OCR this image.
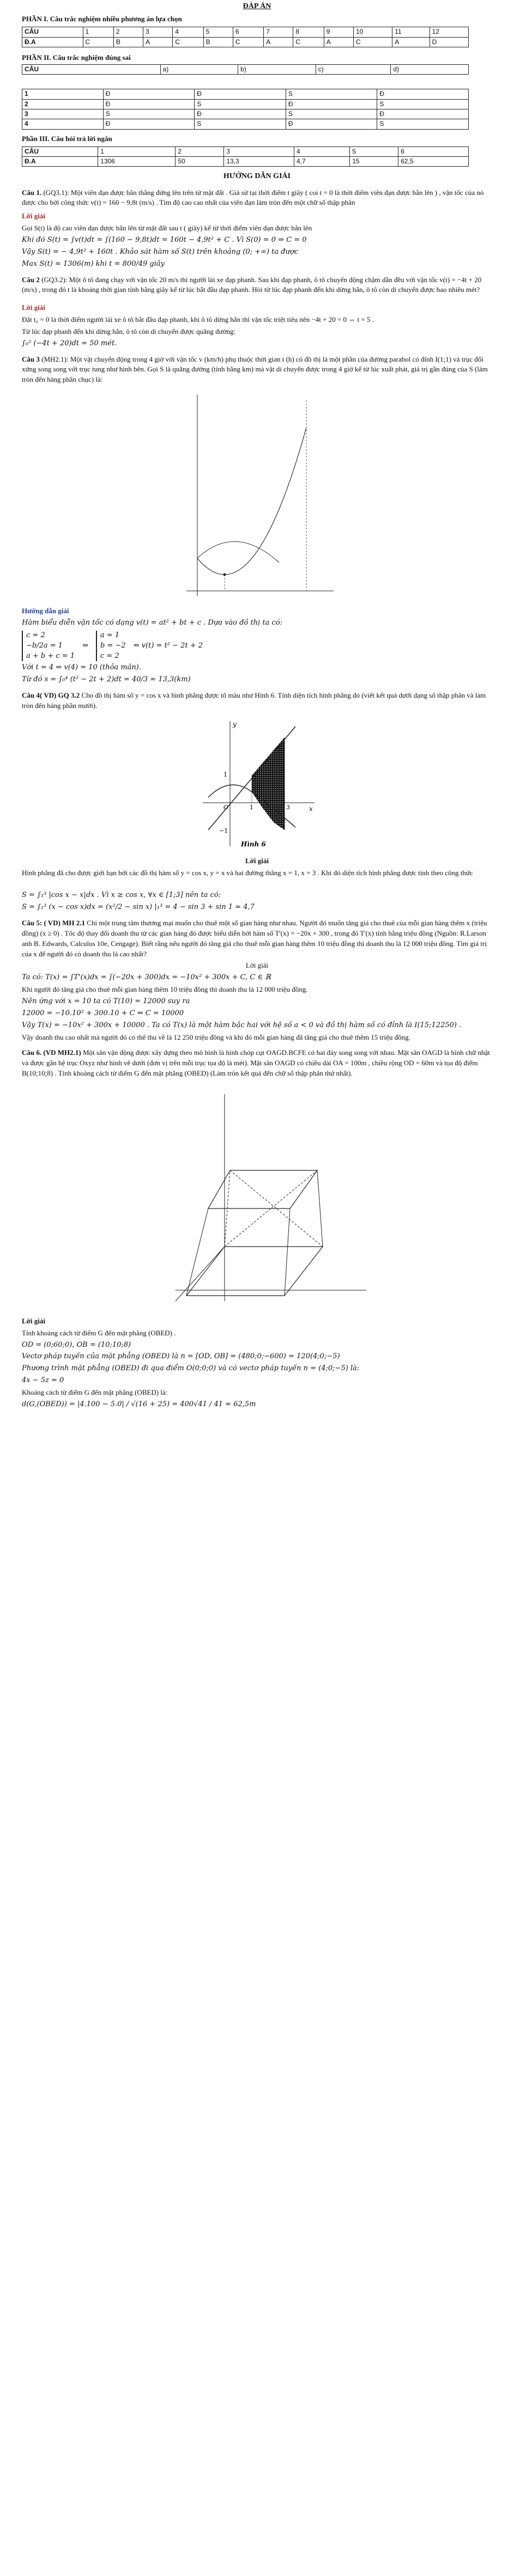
ĐÁP ÁN
PHẦN I. Câu trắc nghiệm nhiều phương án lựa chọn
CÂU	1	2	3	4	5	6	7	8	9	10	11	12
Đ.A	C	B	A	C	B	C	A	C	A	C	A	D
PHẦN II. Câu trắc nghiệm đúng sai
CÂU	a)	b)	c)	d)
1	Đ	Đ	S	Đ
2	Đ	S	Đ	S
3	S	Đ	S	Đ
4	Đ	S	Đ	S
Phần III. Câu hỏi trả lời ngắn
CÂU	1	2	3	4	5	6
Đ.A	1306	50	13,3	4,7	15	62,5
HƯỚNG DẪN GIẢI

Câu 1. (GQ3.1): Một viên đạn được bắn thẳng đứng lên trên từ mặt đất . Giả sử tại thời điểm t giây ( coi t = 0 là thời điểm viên đạn được bắn lên ) , vận tốc của nó được cho bởi công thức v(t) = 160 − 9,8t (m/s) . Tìm độ cao cao nhất của viên đạn làm tròn đến một chữ số thập phân

Lời giải

Gọi S(t) là độ cao viên đạn được bắn lên từ mặt đất sau t ( giây) kể từ thời điểm viên đạn được bắn lên

Khi đó S(t) = ∫v(t)dt = ∫(160 − 9,8t)dt = 160t − 4,9t² + C . Vì S(0) = 0 ⇒ C = 0

Vậy S(t) = − 4,9t² + 160t . Khảo sát hàm số S(t) trên khoảng (0; +∞) ta được

Max S(t) ≈ 1306(m) khi t = 800/49 giây

Câu 2 (GQ3.2): Một ô tô đang chạy với vận tốc 20 m/s thì người lái xe đạp phanh. Sau khi đạp phanh, ô tô chuyển động chậm dần đều với vận tốc v(t) = −4t + 20 (m/s) , trong đó t là khoảng thời gian tính bằng giây kể từ lúc bắt đầu đạp phanh. Hỏi từ lúc đạp phanh đến khi dừng hẳn, ô tô còn di chuyển được bao nhiêu mét?

Lời giải

Đặt t₀ = 0 là thời điểm người lái xe ô tô bắt đầu đạp phanh, khi ô tô dừng hẳn thì vận tốc triệt tiêu nên −4t + 20 = 0 ⇔ t = 5 .

Từ lúc đạp phanh đến khi dừng hẳn, ô tô còn di chuyển được quãng đường:

∫₀⁵ (−4t + 20)dt = 50 mét.

Câu 3 (MH2.1): Một vật chuyển động trong 4 giờ với vận tốc v (km/h) phụ thuộc thời gian t (h) có đồ thị là một phần của đường parabol có đỉnh I(1;1) và trục đối xứng song song với trục tung như hình bên. Gọi S là quãng đường (tính bằng km) mà vật di chuyển được trong 4 giờ kể từ lúc xuất phát, giá trị gần đúng của S (làm tròn đến hàng phần chục) là:

Hướng dẫn giải

Hàm biểu diễn vận tốc có dạng v(t) = at² + bt + c . Dựa vào đồ thị ta có:

c = 2
−b/2a = 1
a + b + c = 1
⇔
a = 1
b = −2
c = 2
⇔ v(t) = t² − 2t + 2

Với t = 4 ⇒ v(4) = 10 (thỏa mãn).

Từ đó s = ∫₀⁴ (t² − 2t + 2)dt = 40/3 ≈ 13,3(km)

Câu 4( VD) GQ 3.2 Cho đồ thị hàm số y = cos x và hình phẳng được tô màu như Hình 6. Tính diện tích hình phẳng đó (viết kết quả dưới dạng số thập phân và làm tròn đến hàng phần mười).

y
x
O	1	3
−1
1
Hình 6

Lời giải

Hình phẳng đã cho được giới hạn bởi các đồ thị hàm số y = cos x, y = x và hai đường thẳng x = 1, x = 3 . Khi đó diện tích hình phẳng được tính theo công thức

S = ∫₁³ |cos x − x|dx . Vì x ≥ cos x, ∀x ∈ [1;3] nên ta có:

S = ∫₁³ (x − cos x)dx = (x²/2 − sin x) |₁³ = 4 − sin 3 + sin 1 ≈ 4,7

Câu 5: ( VD) MH 2.1 Chi một trung tâm thương mại muốn cho thuê một số gian hàng như nhau. Người đó muốn tăng giá cho thuê của mỗi gian hàng thêm x (triệu đồng) (x ≥ 0) . Tốc độ thay đổi doanh thu từ các gian hàng đó được biểu diễn bởi hàm số T'(x) = −20x + 300 , trong đó T'(x) tính bằng triệu đồng (Nguồn: R.Larson anh B. Edwards, Calculus 10e, Cengage). Biết rằng nếu người đó tăng giá cho thuê mỗi gian hàng thêm 10 triệu đồng thì doanh thu là 12 000 triệu đồng. Tìm giá trị của x để người đó có doanh thu là cao nhất?

Lời giải

Ta có: T(x) = ∫T'(x)dx = ∫(−20x + 300)dx = −10x² + 300x + C, C ∈ ℝ

Khi người đó tăng giá cho thuê mỗi gian hàng thêm 10 triệu đồng thì doanh thu là 12 000 triệu đồng.

Nên ứng với x = 10 ta có T(10) = 12000 suy ra

12000 = −10.10² + 300.10 + C ⇔ C = 10000

Vậy T(x) = −10x² + 300x + 10000 . Ta có T(x) là một hàm bậc hai với hệ số a < 0 và đồ thị hàm số có đỉnh là I(15;12250) .

Vậy doanh thu cao nhất mà người đó có thể thu về là 12 250 triệu đồng và khi đó mỗi gian hàng đã tăng giá cho thuê thêm 15 triệu đồng.

Câu 6. (VD MH2.1) Một sân vận động được xây dựng theo mô hình là hình chóp cụt OAGD.BCFE có hai đáy song song với nhau. Mặt sân OAGD là hình chữ nhật và được gắn hệ trục Oxyz như hình vẽ dưới (đơn vị trên mỗi trục tọa độ là mét). Mặt sân OAGD có chiều dài OA = 100m , chiều rộng OD = 60m và tọa độ điểm B(10;10;8) . Tính khoảng cách từ điểm G đến mặt phẳng (OBED) (Làm tròn kết quả đến chữ số thập phân thứ nhất).

Lời giải

Tính khoảng cách từ điểm G đến mặt phẳng (OBED) .

OD = (0;60;0), OB = (10;10;8)

Vectơ pháp tuyến của mặt phẳng (OBED) là n = [OD, OB] = (480;0;−600) = 120(4;0;−5)

Phương trình mặt phẳng (OBED) đi qua điểm O(0;0;0) và có vectơ pháp tuyến n = (4;0;−5) là:

4x − 5z = 0

Khoảng cách từ điểm G đến mặt phẳng (OBED) là:

d(G,(OBED)) = |4.100 − 5.0| / √(16 + 25) = 400√41 / 41 ≈ 62,5m
